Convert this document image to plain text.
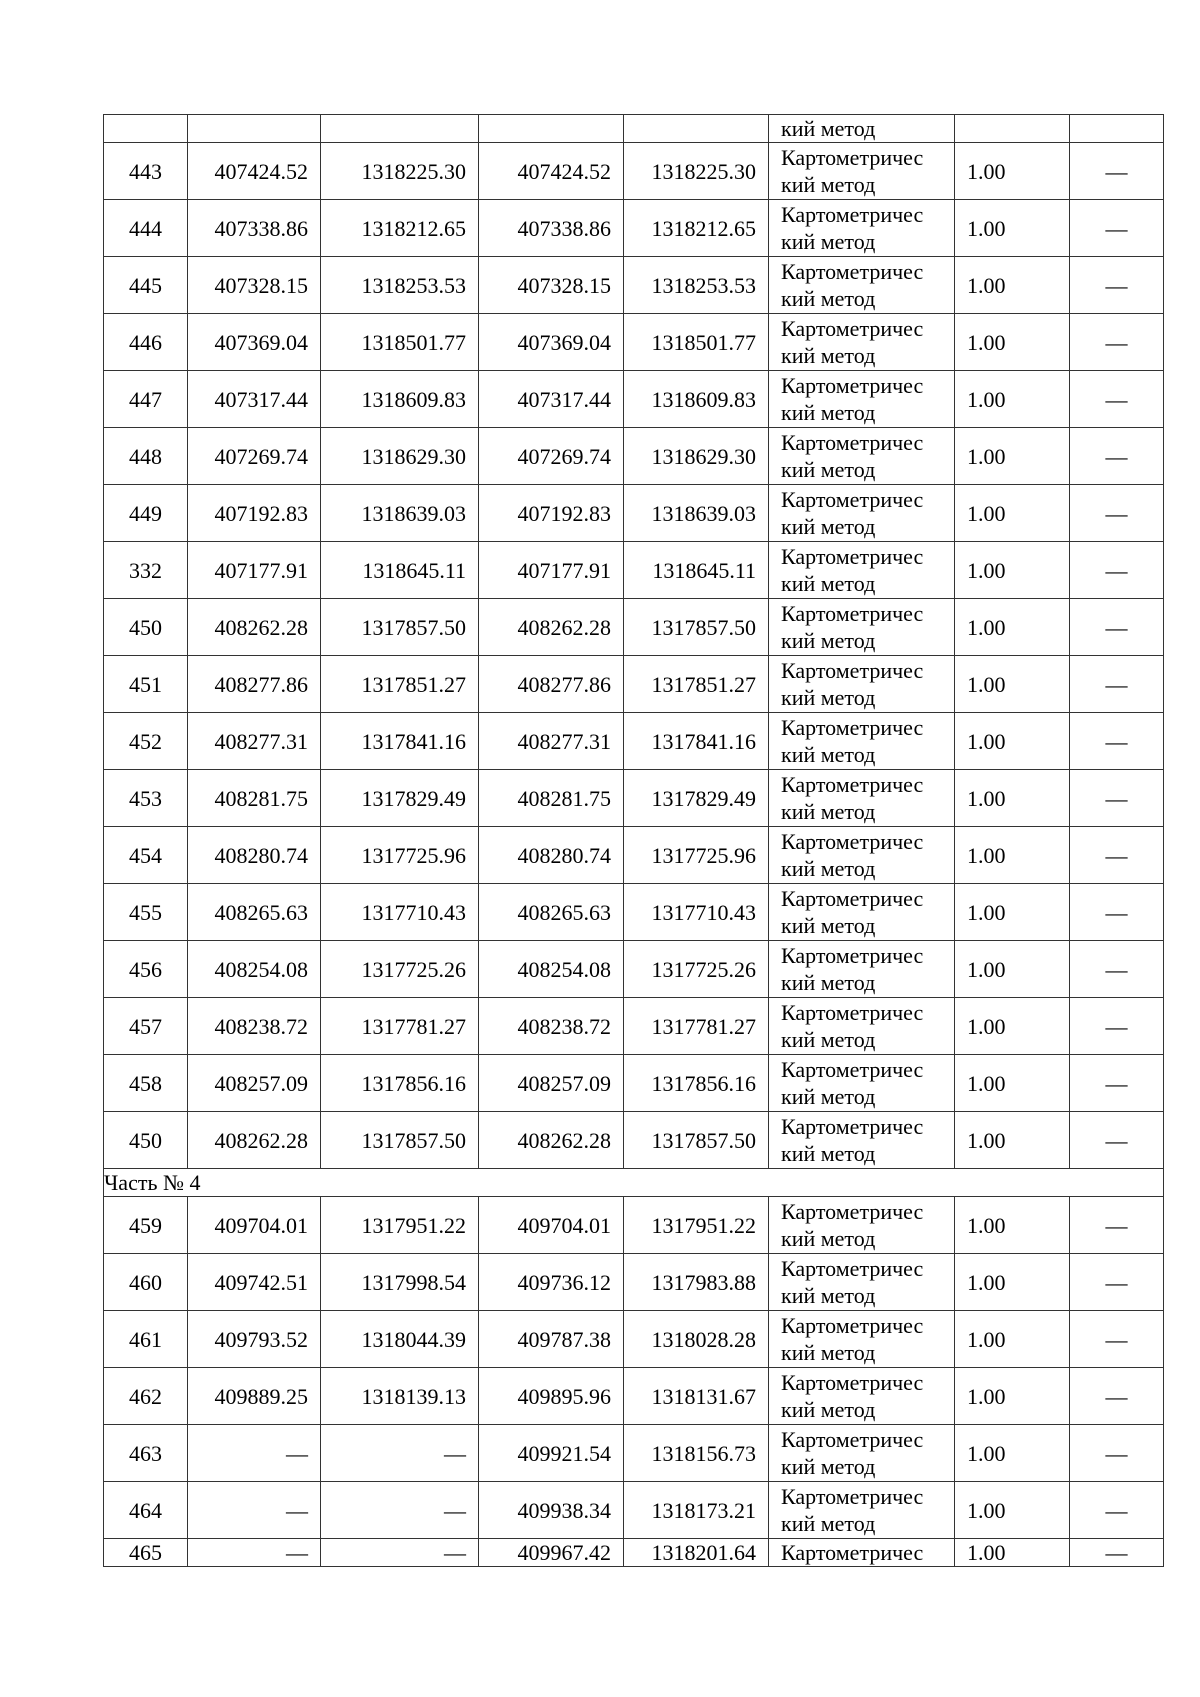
					кий метод		
443	407424.52	1318225.30	407424.52	1318225.30	Картометричес
кий метод	1.00	—
444	407338.86	1318212.65	407338.86	1318212.65	Картометричес
кий метод	1.00	—
445	407328.15	1318253.53	407328.15	1318253.53	Картометричес
кий метод	1.00	—
446	407369.04	1318501.77	407369.04	1318501.77	Картометричес
кий метод	1.00	—
447	407317.44	1318609.83	407317.44	1318609.83	Картометричес
кий метод	1.00	—
448	407269.74	1318629.30	407269.74	1318629.30	Картометричес
кий метод	1.00	—
449	407192.83	1318639.03	407192.83	1318639.03	Картометричес
кий метод	1.00	—
332	407177.91	1318645.11	407177.91	1318645.11	Картометричес
кий метод	1.00	—
450	408262.28	1317857.50	408262.28	1317857.50	Картометричес
кий метод	1.00	—
451	408277.86	1317851.27	408277.86	1317851.27	Картометричес
кий метод	1.00	—
452	408277.31	1317841.16	408277.31	1317841.16	Картометричес
кий метод	1.00	—
453	408281.75	1317829.49	408281.75	1317829.49	Картометричес
кий метод	1.00	—
454	408280.74	1317725.96	408280.74	1317725.96	Картометричес
кий метод	1.00	—
455	408265.63	1317710.43	408265.63	1317710.43	Картометричес
кий метод	1.00	—
456	408254.08	1317725.26	408254.08	1317725.26	Картометричес
кий метод	1.00	—
457	408238.72	1317781.27	408238.72	1317781.27	Картометричес
кий метод	1.00	—
458	408257.09	1317856.16	408257.09	1317856.16	Картометричес
кий метод	1.00	—
450	408262.28	1317857.50	408262.28	1317857.50	Картометричес
кий метод	1.00	—
Часть № 4							
459	409704.01	1317951.22	409704.01	1317951.22	Картометричес
кий метод	1.00	—
460	409742.51	1317998.54	409736.12	1317983.88	Картометричес
кий метод	1.00	—
461	409793.52	1318044.39	409787.38	1318028.28	Картометричес
кий метод	1.00	—
462	409889.25	1318139.13	409895.96	1318131.67	Картометричес
кий метод	1.00	—
463	—	—	409921.54	1318156.73	Картометричес
кий метод	1.00	—
464	—	—	409938.34	1318173.21	Картометричес
кий метод	1.00	—
465	—	—	409967.42	1318201.64	Картометричес	1.00	—
